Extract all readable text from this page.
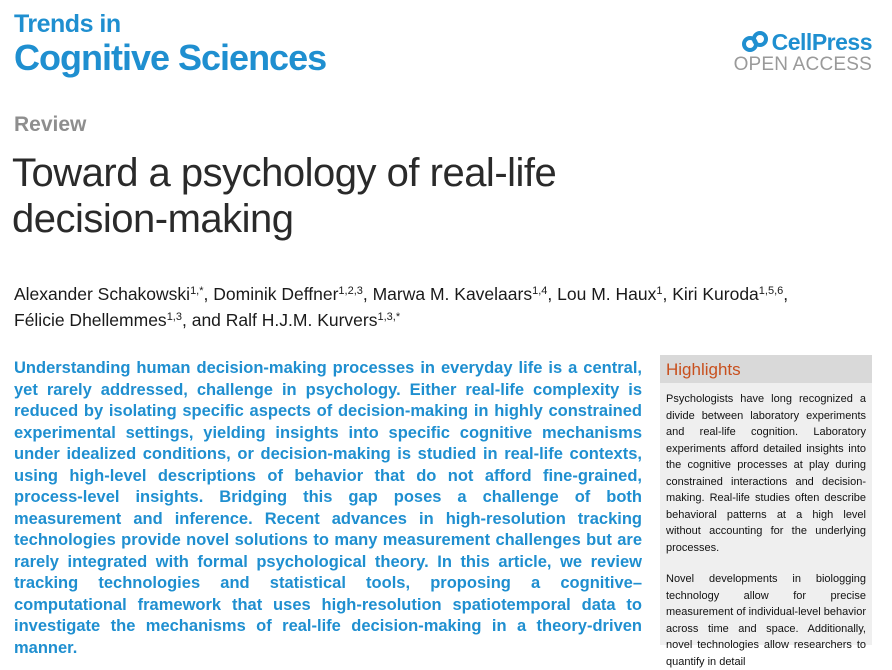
Trends in
Cognitive Sciences	CellPress
OPEN ACCESS
Review
Toward a psychology of real-life decision-making
Alexander Schakowski$^{1,*}$, Dominik Deffner$^{1,2,3}$, Marwa M. Kavelaars$^{1,4}$, Lou M. Haux$^1$, Kiri Kuroda$^{1,5,6}$,
Félicie Dhellemmes$^{1,3}$, and Ralf H.J.M. Kurvers$^{1,3,*}$

Understanding human decision-making processes in everyday life is a central, yet rarely addressed, challenge in psychology. Either real-life complexity is reduced by isolating specific aspects of decision-making in highly constrained experimental settings, yielding insights into specific cognitive mechanisms under idealized conditions, or decision-making is studied in real-life contexts, using high-level descriptions of behavior that do not afford fine-grained, process-level insights. Bridging this gap poses a challenge of both measurement and inference. Recent advances in high-resolution tracking technologies provide novel solutions to many measurement challenges but are rarely integrated with formal psychological theory. In this article, we review tracking technologies and statistical tools, proposing a cognitive–computational framework that uses high-resolution spatiotemporal data to investigate the mechanisms of real-life decision-making in a theory-driven manner.

Highlights

Psychologists have long recognized a divide between laboratory experiments and real-life cognition. Laboratory experiments afford detailed insights into the cognitive processes at play during constrained interactions and decision-making. Real-life studies often describe behavioral patterns at a high level without accounting for the underlying processes.

Novel developments in biologging technology allow for precise measurement of individual-level behavior across time and space. Additionally, novel technologies allow researchers to quantify in detail
